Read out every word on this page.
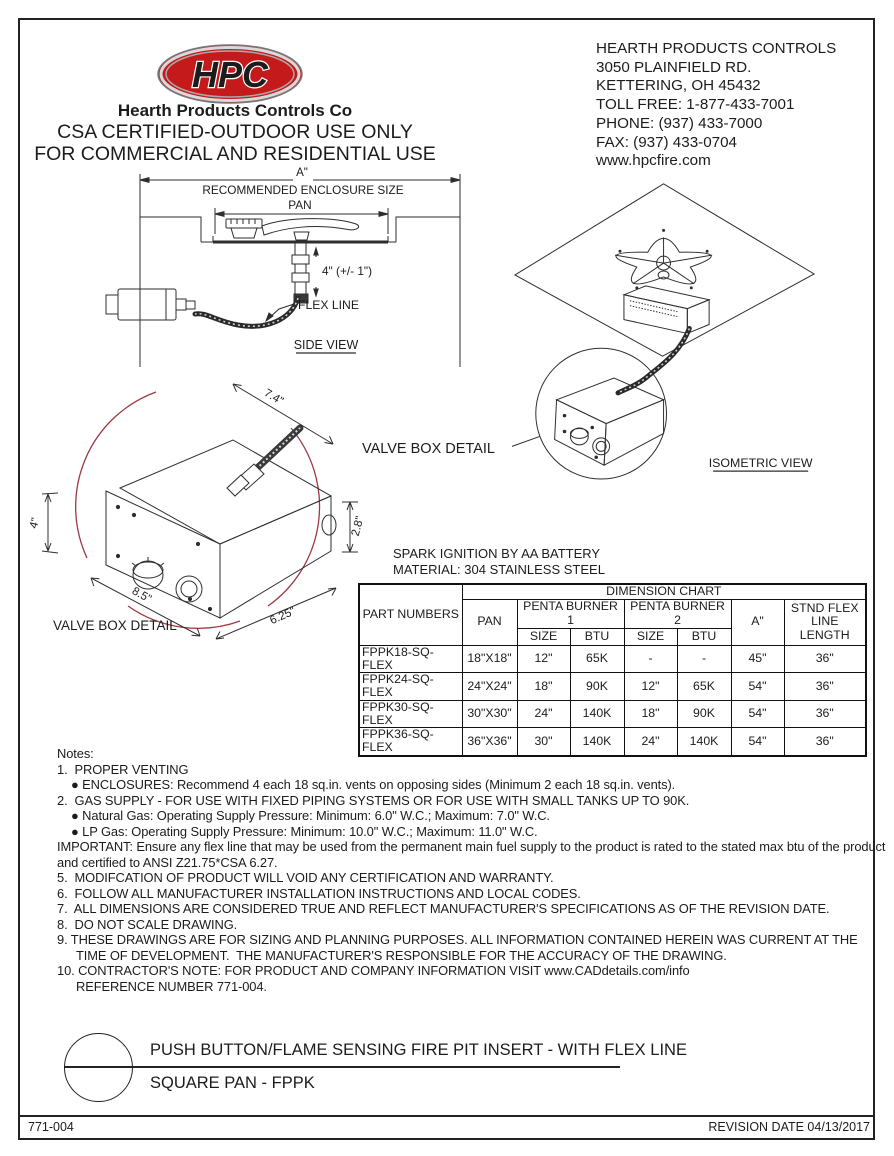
HPC
Hearth Products Controls Co
CSA CERTIFIED-OUTDOOR USE ONLY
FOR COMMERCIAL AND RESIDENTIAL USE
HEARTH PRODUCTS CONTROLS
3050 PLAINFIELD RD.
KETTERING, OH 45432
TOLL FREE: 1-877-433-7001
PHONE: (937) 433-7000
FAX: (937) 433-0704
www.hpcfire.com
A"
RECOMMENDED ENCLOSURE SIZE
PAN
4" (+/- 1")
FLEX LINE
SIDE VIEW
ISOMETRIC VIEW
VALVE BOX DETAIL
7.4"
4"	2.8"
8.5"
6.25"
VALVE BOX DETAIL
SPARK IGNITION BY AA BATTERY
MATERIAL: 304 STAINLESS STEEL
PART NUMBERS	DIMENSION CHART						
	PAN	PENTA BURNER 1		PENTA BURNER 2		A"	STND FLEX LINE LENGTH
		SIZE	BTU	SIZE	BTU		
FPPK18-SQ-FLEX	18"X18"	12"	65K	-	-	45"	36"
FPPK24-SQ-FLEX	24"X24"	18"	90K	12"	65K	54"	36"
FPPK30-SQ-FLEX	30"X30"	24"	140K	18"	90K	54"	36"
FPPK36-SQ-FLEX	36"X36"	30"	140K	24"	140K	54"	36"
Notes:
1.  PROPER VENTING
● ENCLOSURES: Recommend 4 each 18 sq.in. vents on opposing sides (Minimum 2 each 18 sq.in. vents).
2.  GAS SUPPLY - FOR USE WITH FIXED PIPING SYSTEMS OR FOR USE WITH SMALL TANKS UP TO 90K.
● Natural Gas: Operating Supply Pressure: Minimum: 6.0" W.C.; Maximum: 7.0" W.C.
● LP Gas: Operating Supply Pressure: Minimum: 10.0" W.C.; Maximum: 11.0" W.C.
IMPORTANT: Ensure any flex line that may be used from the permanent main fuel supply to the product is rated to the stated max btu of the product
and certified to ANSI Z21.75*CSA 6.27.
5.  MODIFCATION OF PRODUCT WILL VOID ANY CERTIFICATION AND WARRANTY.
6.  FOLLOW ALL MANUFACTURER INSTALLATION INSTRUCTIONS AND LOCAL CODES.
7.  ALL DIMENSIONS ARE CONSIDERED TRUE AND REFLECT MANUFACTURER'S SPECIFICATIONS AS OF THE REVISION DATE.
8.  DO NOT SCALE DRAWING.
9. THESE DRAWINGS ARE FOR SIZING AND PLANNING PURPOSES. ALL INFORMATION CONTAINED HEREIN WAS CURRENT AT THE
TIME OF DEVELOPMENT.  THE MANUFACTURER'S RESPONSIBLE FOR THE ACCURACY OF THE DRAWING.
10. CONTRACTOR'S NOTE: FOR PRODUCT AND COMPANY INFORMATION VISIT www.CADdetails.com/info
REFERENCE NUMBER 771-004.
PUSH BUTTON/FLAME SENSING FIRE PIT INSERT - WITH FLEX LINE
SQUARE PAN - FPPK
771-004	REVISION DATE 04/13/2017
